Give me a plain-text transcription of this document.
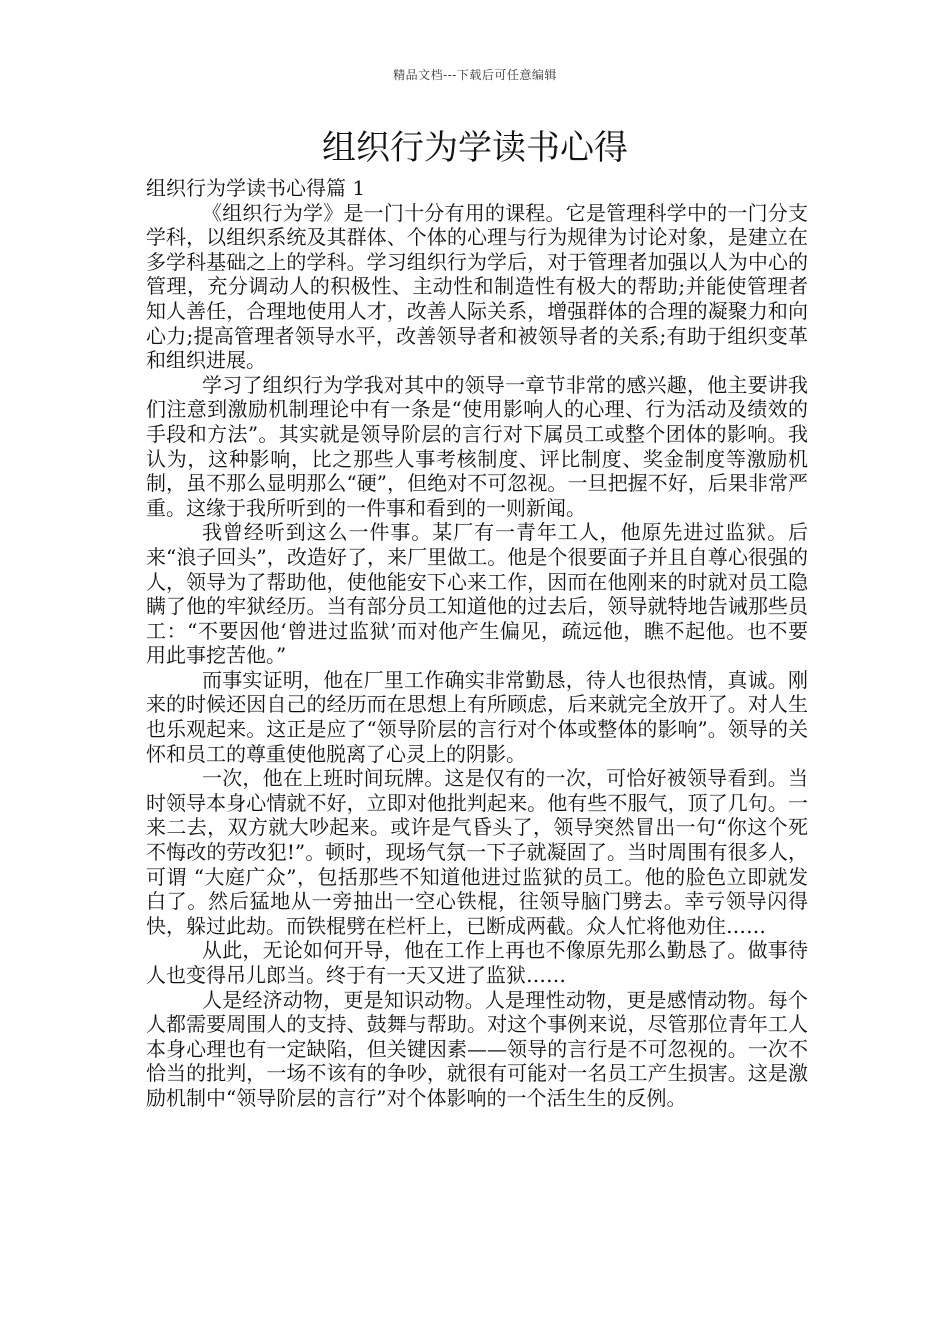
精品文档---下载后可任意编辑
组织行为学读书心得
组织行为学读书心得篇 1

《组织行为学》是一门十分有用的课程。它是管理科学中的一门分支学科，以组织系统及其群体、个体的心理与行为规律为讨论对象，是建立在多学科基础之上的学科。学习组织行为学后，对于管理者加强以人为中心的管理，充分调动人的积极性、主动性和制造性有极大的帮助;并能使管理者知人善任，合理地使用人才，改善人际关系，增强群体的合理的凝聚力和向心力;提高管理者领导水平，改善领导者和被领导者的关系;有助于组织变革和组织进展。

学习了组织行为学我对其中的领导一章节非常的感兴趣，他主要讲我们注意到激励机制理论中有一条是“使用影响人的心理、行为活动及绩效的手段和方法”。其实就是领导阶层的言行对下属员工或整个团体的影响。我认为，这种影响，比之那些人事考核制度、评比制度、奖金制度等激励机制，虽不那么显明那么“硬”，但绝对不可忽视。一旦把握不好，后果非常严重。这缘于我所听到的一件事和看到的一则新闻。

我曾经听到这么一件事。某厂有一青年工人，他原先进过监狱。后来“浪子回头”，改造好了，来厂里做工。他是个很要面子并且自尊心很强的人，领导为了帮助他，使他能安下心来工作，因而在他刚来的时就对员工隐瞒了他的牢狱经历。当有部分员工知道他的过去后，领导就特地告诫那些员工：“不要因他‘曾进过监狱’而对他产生偏见，疏远他，瞧不起他。也不要用此事挖苦他。”

而事实证明，他在厂里工作确实非常勤恳，待人也很热情，真诚。刚来的时候还因自己的经历而在思想上有所顾虑，后来就完全放开了。对人生也乐观起来。这正是应了“领导阶层的言行对个体或整体的影响”。领导的关怀和员工的尊重使他脱离了心灵上的阴影。

一次，他在上班时间玩牌。这是仅有的一次，可恰好被领导看到。当时领导本身心情就不好，立即对他批判起来。他有些不服气，顶了几句。一来二去，双方就大吵起来。或许是气昏头了，领导突然冒出一句“你这个死不悔改的劳改犯!”。顿时，现场气氛一下子就凝固了。当时周围有很多人，可谓 “大庭广众”，包括那些不知道他进过监狱的员工。他的脸色立即就发白了。然后猛地从一旁抽出一空心铁棍，往领导脑门劈去。幸亏领导闪得快，躲过此劫。而铁棍劈在栏杆上，已断成两截。众人忙将他劝住……

从此，无论如何开导，他在工作上再也不像原先那么勤恳了。做事待人也变得吊儿郎当。终于有一天又进了监狱……

人是经济动物，更是知识动物。人是理性动物，更是感情动物。每个人都需要周围人的支持、鼓舞与帮助。对这个事例来说，尽管那位青年工人本身心理也有一定缺陷，但关键因素——领导的言行是不可忽视的。一次不恰当的批判，一场不该有的争吵，就很有可能对一名员工产生损害。这是激励机制中“领导阶层的言行”对个体影响的一个活生生的反例。
